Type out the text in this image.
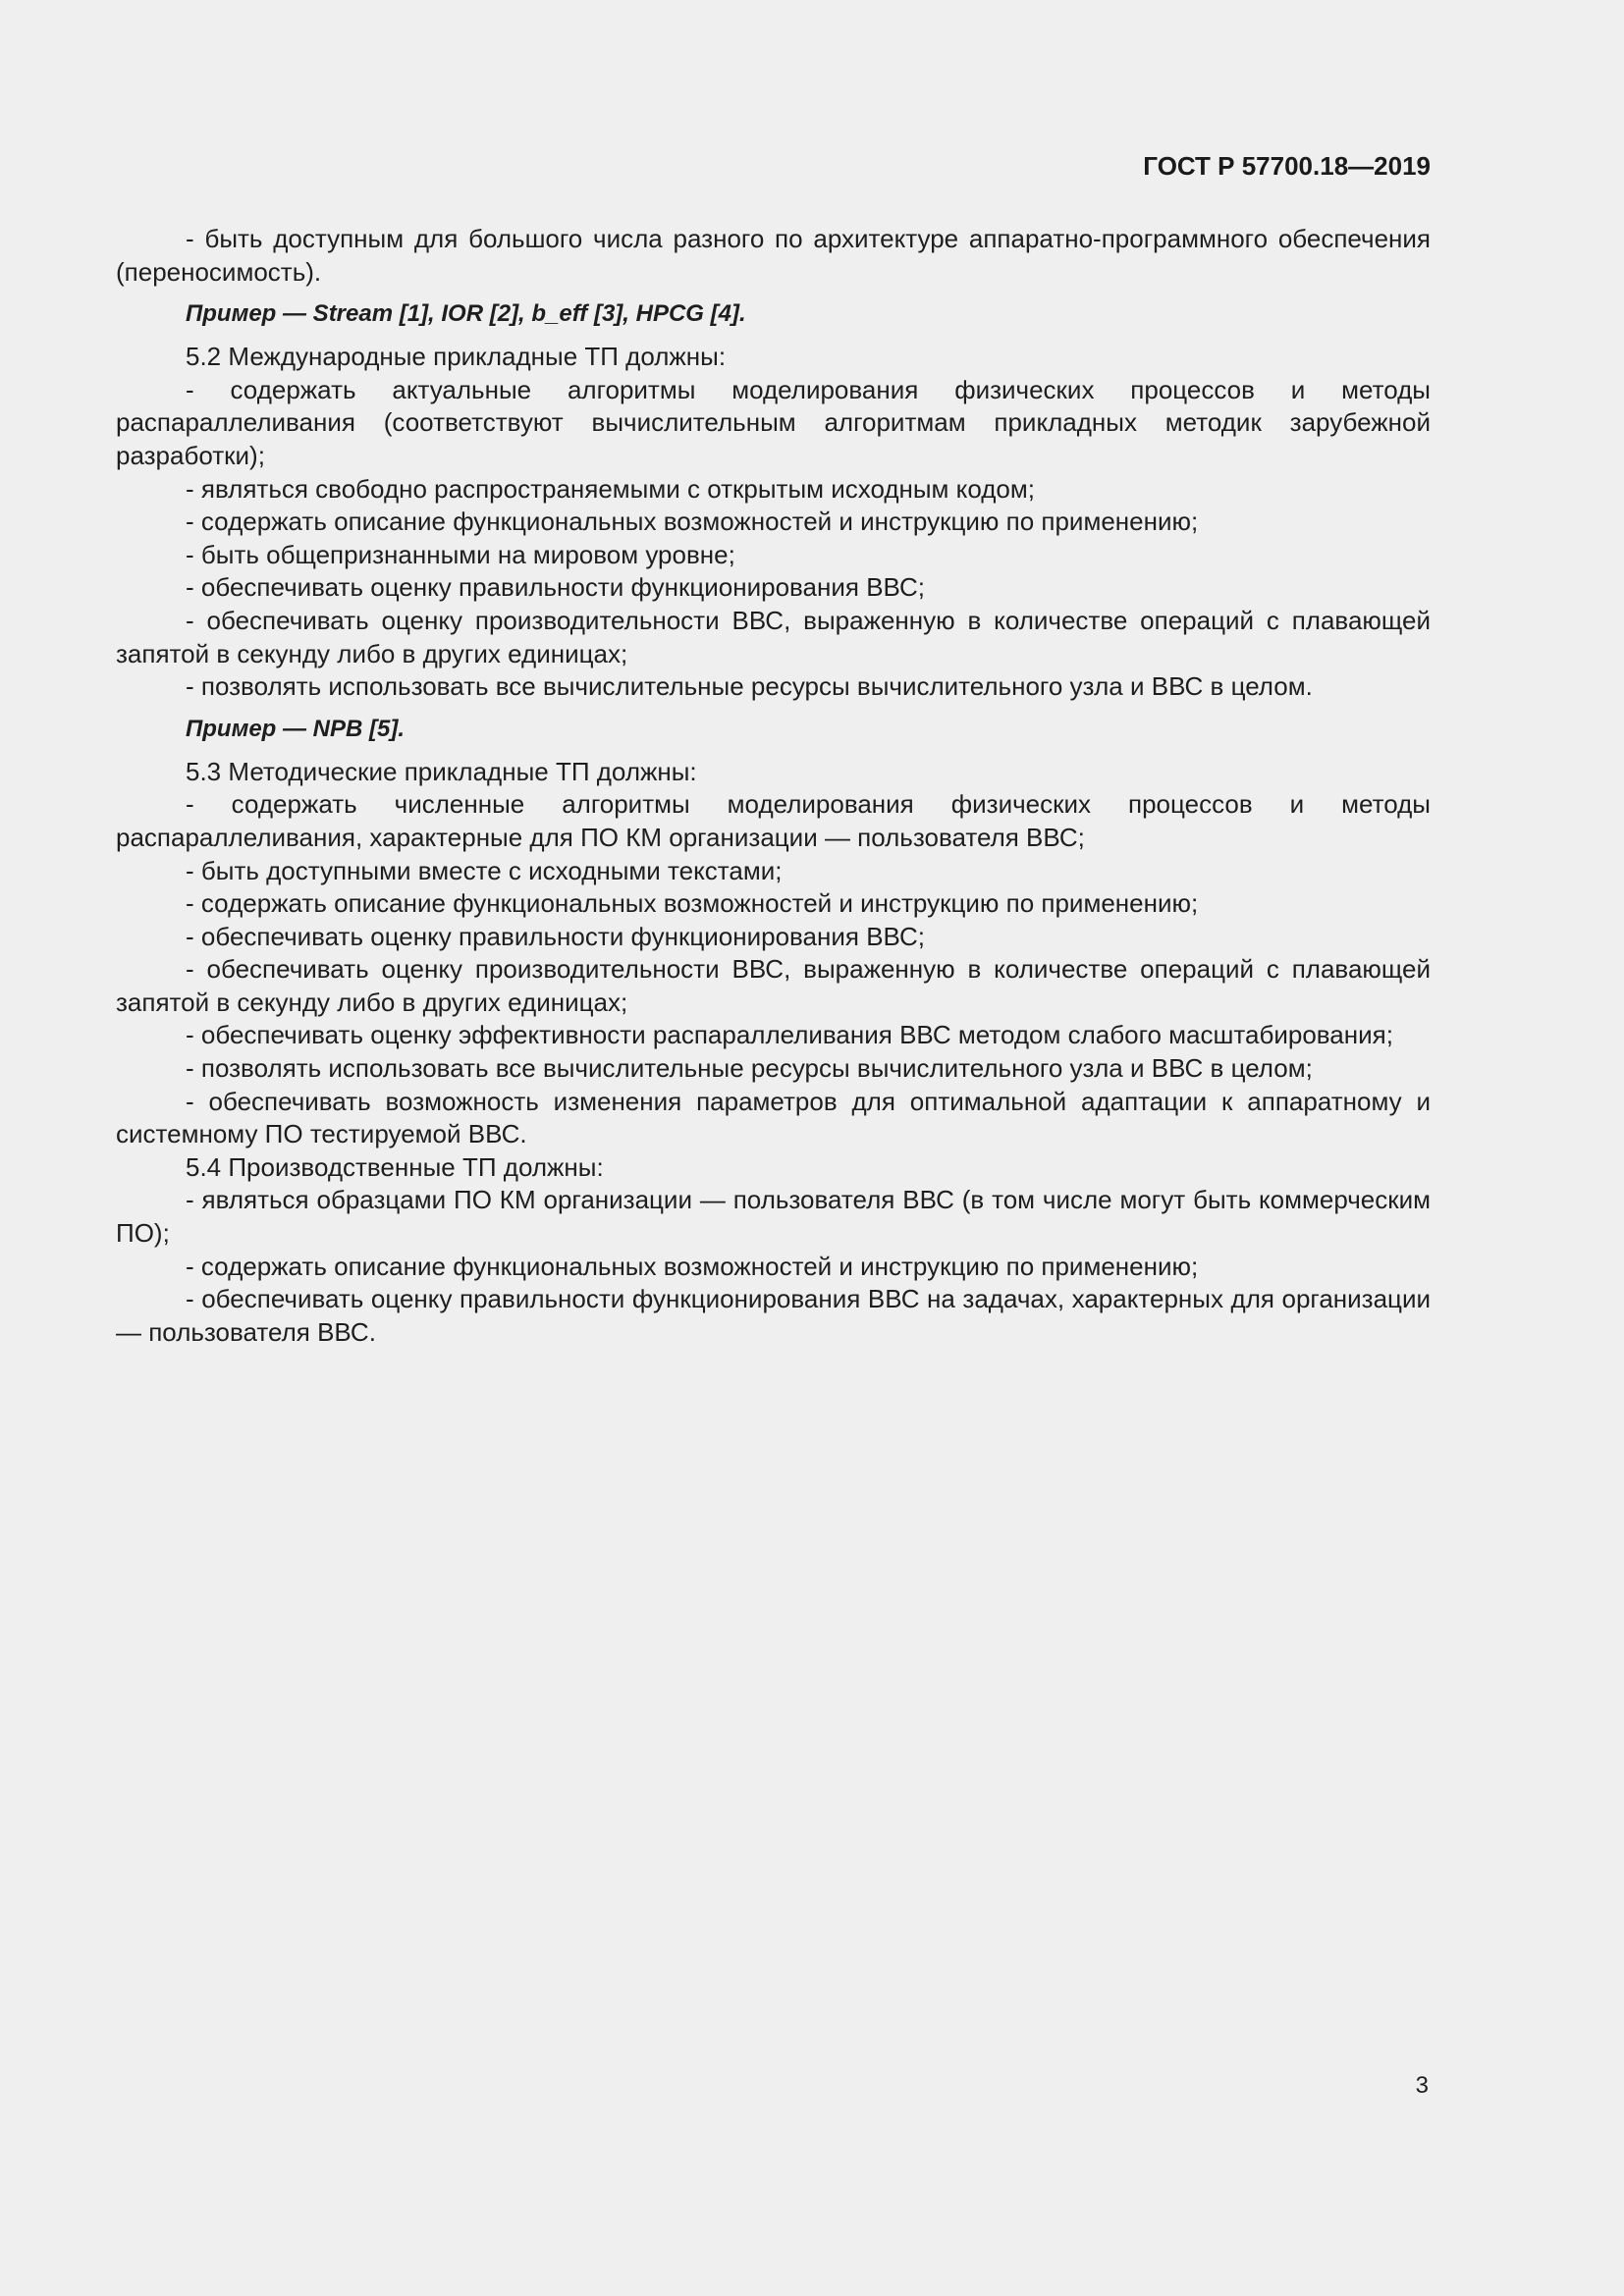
ГОСТ Р 57700.18—2019

- быть доступным для большого числа разного по архитектуре аппаратно-программного обеспечения (переносимость).

Пример — Stream [1], IOR [2], b_eff [3], HPCG [4].

5.2 Международные прикладные ТП должны:

- содержать актуальные алгоритмы моделирования физических процессов и методы распараллеливания (соответствуют вычислительным алгоритмам прикладных методик зарубежной разработки);

- являться свободно распространяемыми с открытым исходным кодом;

- содержать описание функциональных возможностей и инструкцию по применению;

- быть общепризнанными на мировом уровне;

- обеспечивать оценку правильности функционирования ВВС;

- обеспечивать оценку производительности ВВС, выраженную в количестве операций с плавающей запятой в секунду либо в других единицах;

- позволять использовать все вычислительные ресурсы вычислительного узла и ВВС в целом.

Пример — NPB [5].

5.3 Методические прикладные ТП должны:

- содержать численные алгоритмы моделирования физических процессов и методы распараллеливания, характерные для ПО КМ организации — пользователя ВВС;

- быть доступными вместе с исходными текстами;

- содержать описание функциональных возможностей и инструкцию по применению;

- обеспечивать оценку правильности функционирования ВВС;

- обеспечивать оценку производительности ВВС, выраженную в количестве операций с плавающей запятой в секунду либо в других единицах;

- обеспечивать оценку эффективности распараллеливания ВВС методом слабого масштабирования;

- позволять использовать все вычислительные ресурсы вычислительного узла и ВВС в целом;

- обеспечивать возможность изменения параметров для оптимальной адаптации к аппаратному и системному ПО тестируемой ВВС.

5.4 Производственные ТП должны:

- являться образцами ПО КМ организации — пользователя ВВС (в том числе могут быть коммерческим ПО);

- содержать описание функциональных возможностей и инструкцию по применению;

- обеспечивать оценку правильности функционирования ВВС на задачах, характерных для организации — пользователя ВВС.

3
